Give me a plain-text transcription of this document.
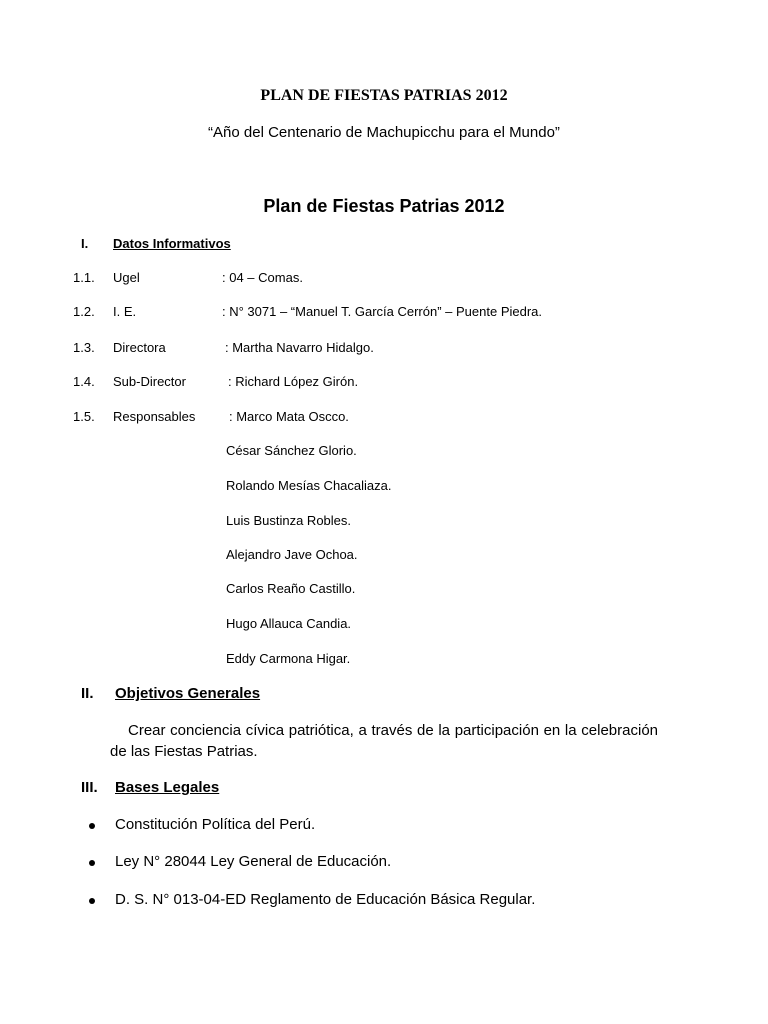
PLAN DE FIESTAS PATRIAS 2012
“Año del Centenario de Machupicchu para el Mundo”
Plan de Fiestas Patrias 2012
I. Datos Informativos
1.1. Ugel	: 04 – Comas.
1.2. I. E.	: N° 3071 – “Manuel T. García Cerrón” – Puente Piedra.
1.3. Directora	: Martha Navarro Hidalgo.
1.4. Sub-Director	: Richard López Girón.
1.5. Responsables	: Marco Mata Oscco.
César Sánchez Glorio.
Rolando Mesías Chacaliaza.
Luis Bustinza Robles.
Alejandro Jave Ochoa.
Carlos Reaño Castillo.
Hugo Allauca Candia.
Eddy Carmona Higar.
II. Objetivos Generales
Crear conciencia cívica patriótica, a través de la participación en la celebración de las Fiestas Patrias.
III. Bases Legales
Constitución Política del Perú.
Ley N° 28044 Ley General de Educación.
D. S. N° 013-04-ED Reglamento de Educación Básica Regular.
